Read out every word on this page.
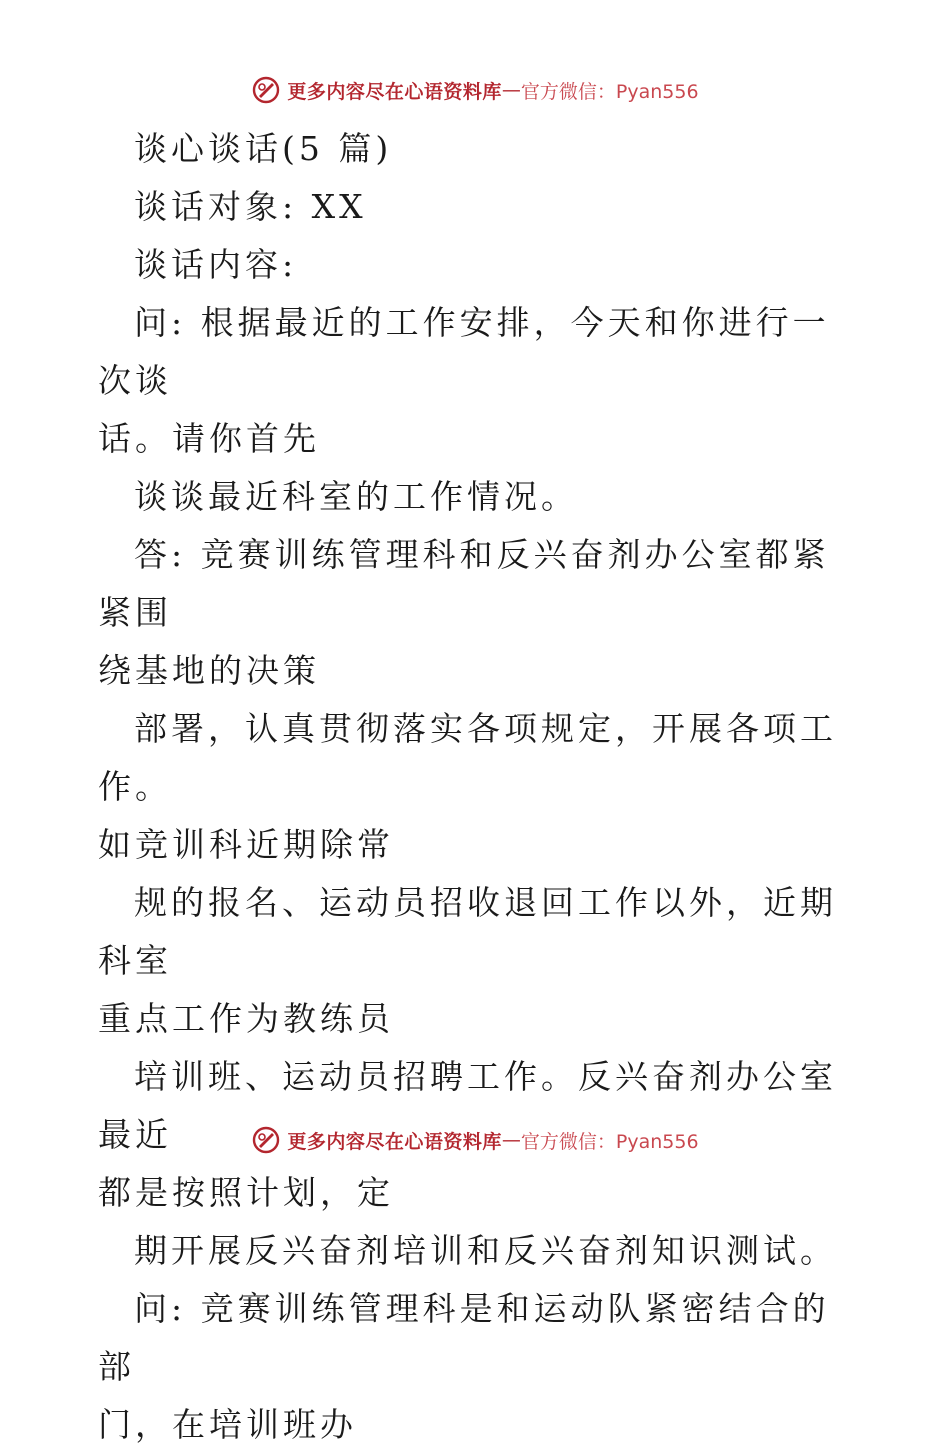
更多内容尽在心语资料库 — 官方微信：Pyan556

谈心谈话(5 篇)

谈话对象: XX

谈话内容:

问: 根据最近的工作安排，今天和你进行一次谈

话。请你首先

谈谈最近科室的工作情况。

答: 竞赛训练管理科和反兴奋剂办公室都紧紧围

绕基地的决策

部署，认真贯彻落实各项规定，开展各项工作。

如竞训科近期除常

规的报名、运动员招收退回工作以外，近期科室

重点工作为教练员

培训班、运动员招聘工作。反兴奋剂办公室最近

都是按照计划，定

期开展反兴奋剂培训和反兴奋剂知识测试。

问: 竞赛训练管理科是和运动队紧密结合的部

门，在培训班办

更多内容尽在心语资料库 — 官方微信：Pyan556
